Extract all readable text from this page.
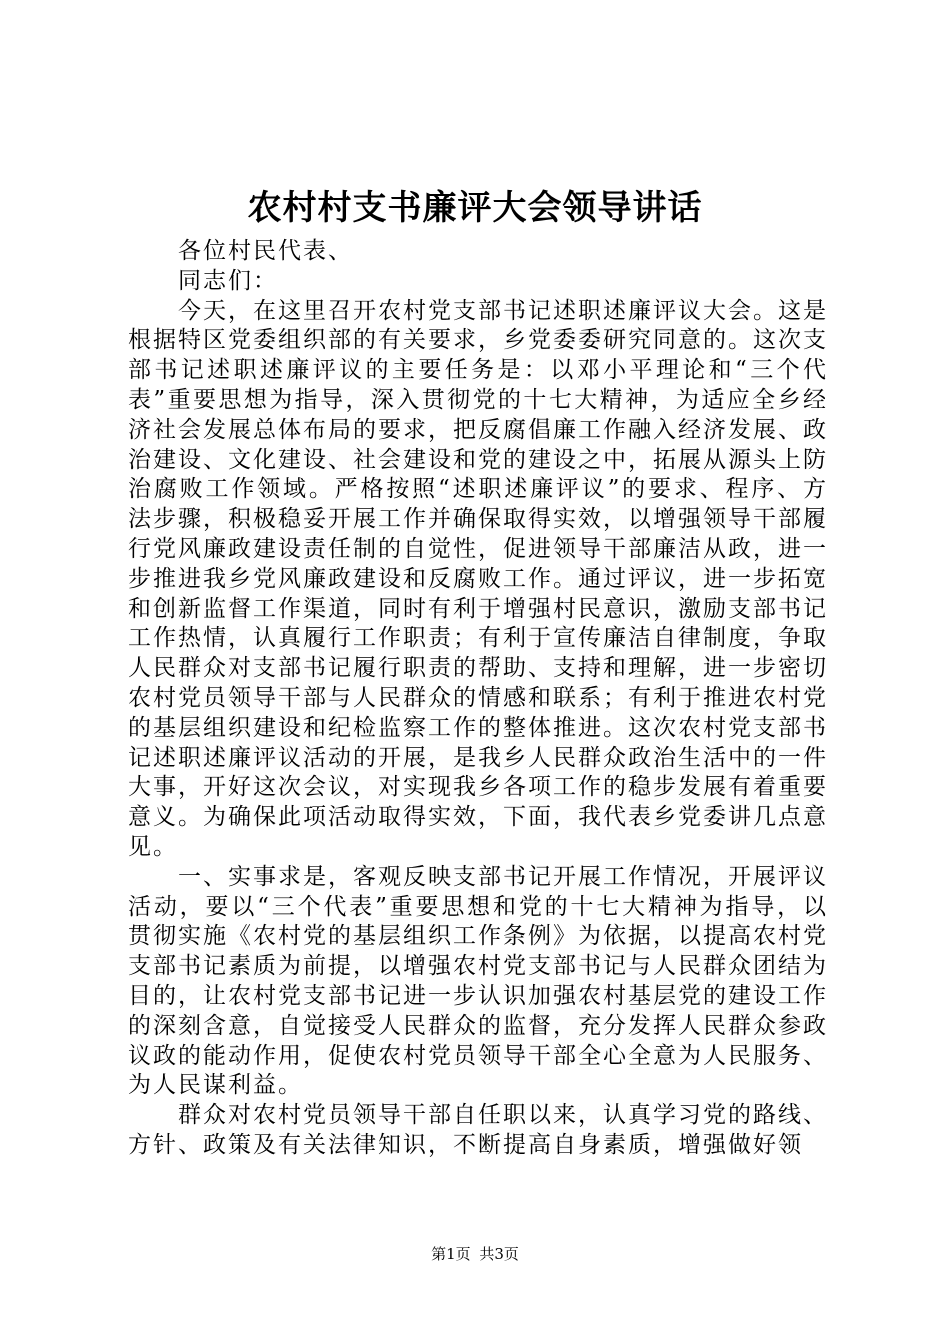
农村村支书廉评大会领导讲话

各位村民代表、

同志们：

今天，在这里召开农村党支部书记述职述廉评议大会。这是根据特区党委组织部的有关要求，乡党委委研究同意的。这次支部书记述职述廉评议的主要任务是：以邓小平理论和“三个代表”重要思想为指导，深入贯彻党的十七大精神，为适应全乡经济社会发展总体布局的要求，把反腐倡廉工作融入经济发展、政治建设、文化建设、社会建设和党的建设之中，拓展从源头上防治腐败工作领域。严格按照“述职述廉评议”的要求、程序、方法步骤，积极稳妥开展工作并确保取得实效，以增强领导干部履行党风廉政建设责任制的自觉性，促进领导干部廉洁从政，进一步推进我乡党风廉政建设和反腐败工作。通过评议，进一步拓宽和创新监督工作渠道，同时有利于增强村民意识，激励支部书记工作热情，认真履行工作职责；有利于宣传廉洁自律制度，争取人民群众对支部书记履行职责的帮助、支持和理解，进一步密切农村党员领导干部与人民群众的情感和联系；有利于推进农村党的基层组织建设和纪检监察工作的整体推进。这次农村党支部书记述职述廉评议活动的开展，是我乡人民群众政治生活中的一件大事，开好这次会议，对实现我乡各项工作的稳步发展有着重要意义。为确保此项活动取得实效，下面，我代表乡党委讲几点意见。

一、实事求是，客观反映支部书记开展工作情况，开展评议活动，要以“三个代表”重要思想和党的十七大精神为指导，以贯彻实施《农村党的基层组织工作条例》为依据，以提高农村党支部书记素质为前提，以增强农村党支部书记与人民群众团结为目的，让农村党支部书记进一步认识加强农村基层党的建设工作的深刻含意，自觉接受人民群众的监督，充分发挥人民群众参政议政的能动作用，促使农村党员领导干部全心全意为人民服务、为人民谋利益。

群众对农村党员领导干部自任职以来，认真学习党的路线、方针、政策及有关法律知识，不断提高自身素质，增强做好领

第1页 共3页
